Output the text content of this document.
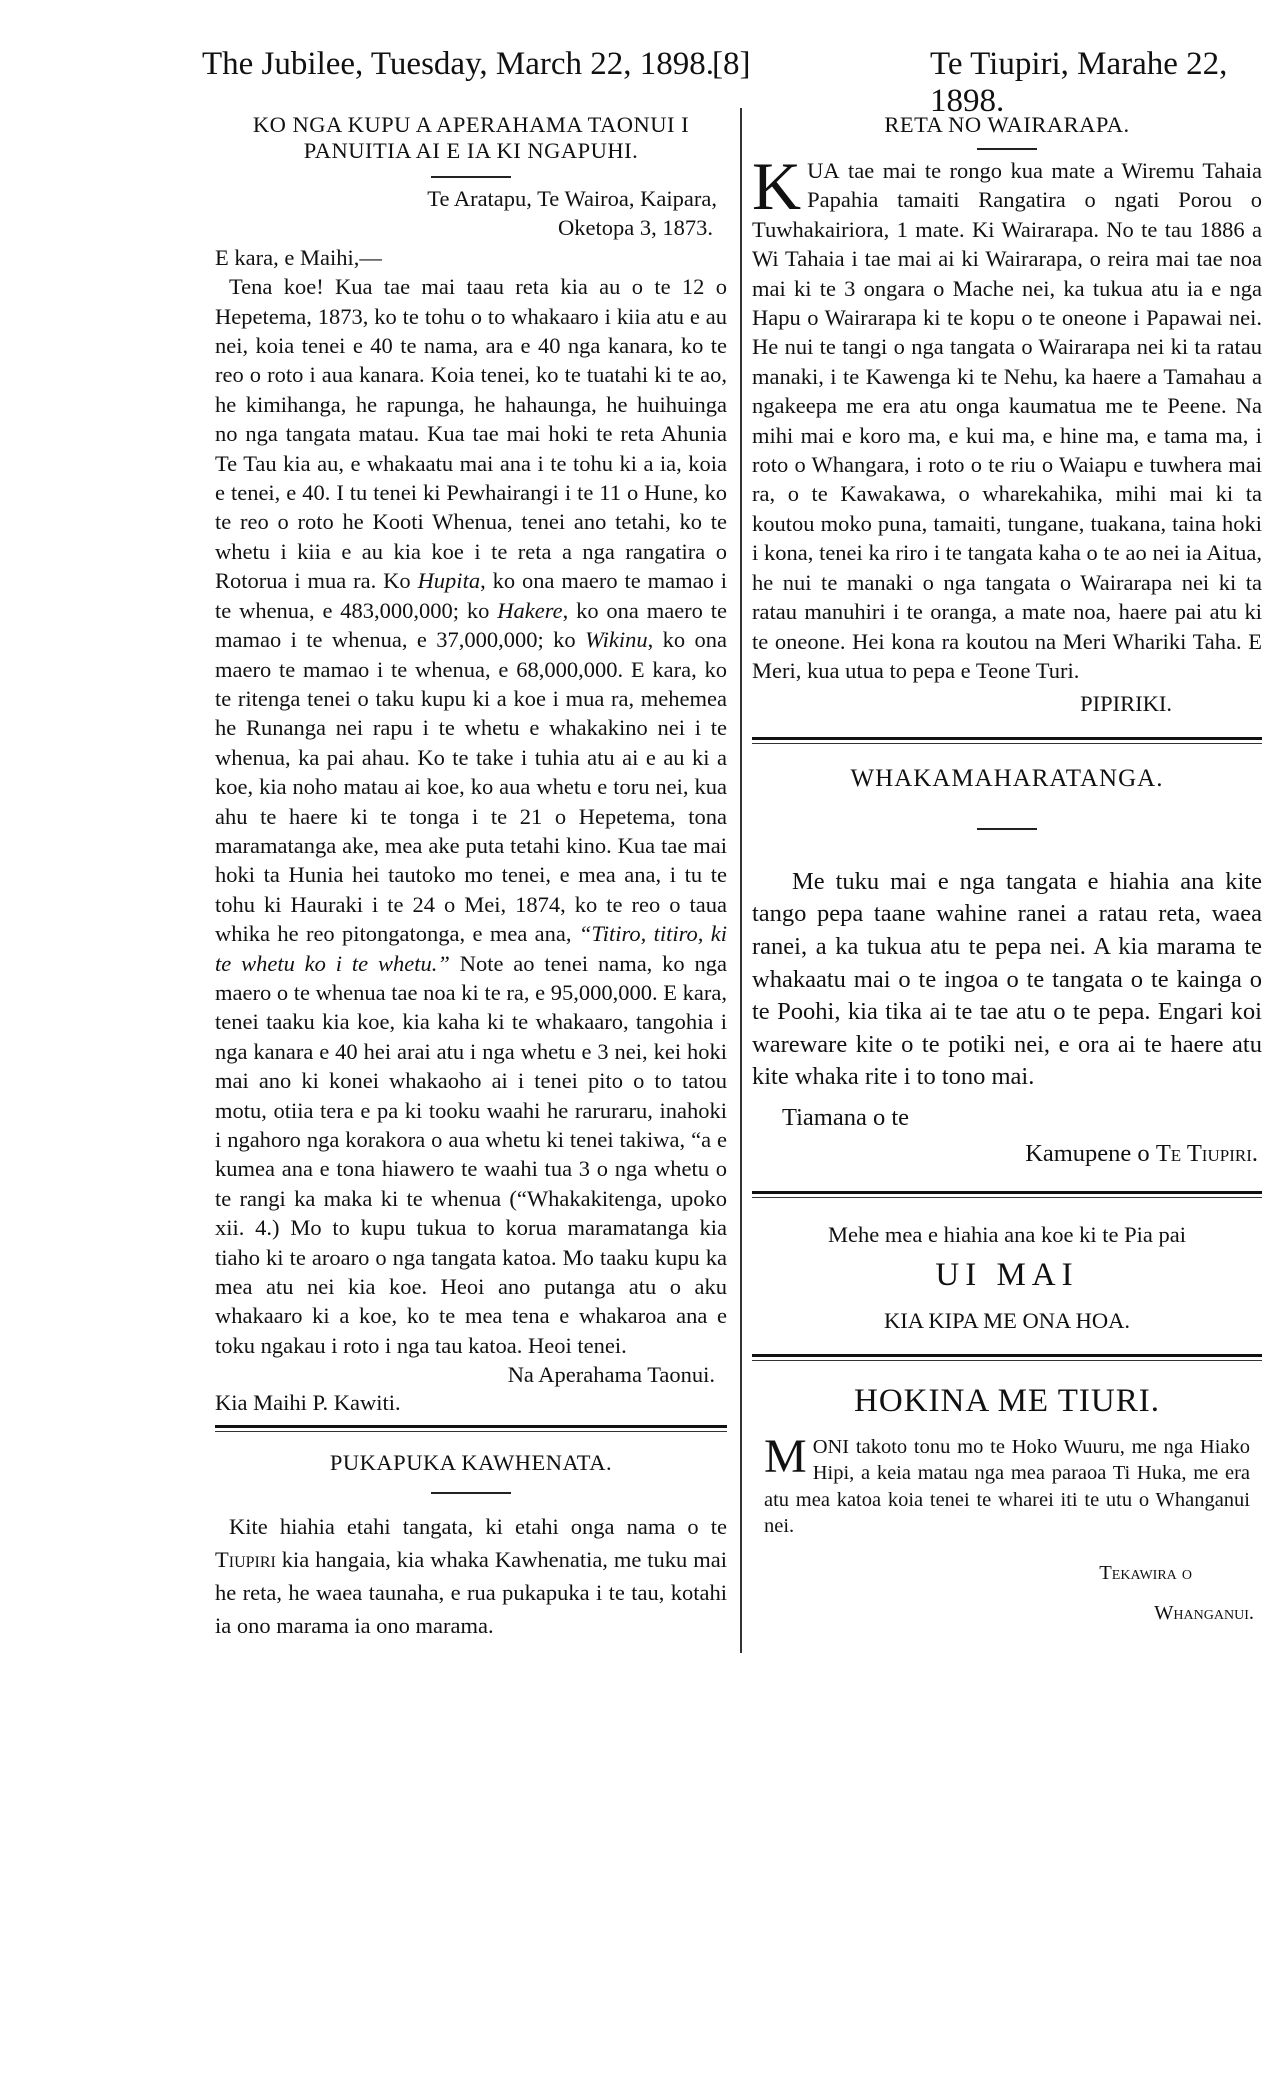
The Jubilee, Tuesday, March 22, 1898.
[8]	Te Tiupiri, Marahe 22, 1898.

KO NGA KUPU A APERAHAMA TAONUI I

PANUITIA AI E IA KI NGAPUHI.

Te Aratapu, Te Wairoa, Kaipara,

Oketopa 3, 1873.

E kara, e Maihi,—

Tena koe! Kua tae mai taau reta kia au o te 12 o Hepetema, 1873, ko te tohu o to whakaaro i kiia atu e au nei, koia tenei e 40 te nama, ara e 40 nga kanara, ko te reo o roto i aua kanara. Koia tenei, ko te tuatahi ki te ao, he kimihanga, he rapunga, he hahaunga, he huihuinga no nga tangata matau. Kua tae mai hoki te reta Ahunia Te Tau kia au, e whakaatu mai ana i te tohu ki a ia, koia e tenei, e 40. I tu tenei ki Pewhairangi i te 11 o Hune, ko te reo o roto he Kooti Whenua, tenei ano tetahi, ko te whetu i kiia e au kia koe i te reta a nga rangatira o Rotorua i mua ra. Ko Hupita, ko ona maero te mamao i te whenua, e 483,000,000; ko Hakere, ko ona maero te mamao i te whenua, e 37,000,000; ko Wikinu, ko ona maero te mamao i te whenua, e 68,000,000. E kara, ko te ritenga tenei o taku kupu ki a koe i mua ra, mehemea he Runanga nei rapu i te whetu e whakakino nei i te whenua, ka pai ahau. Ko te take i tuhia atu ai e au ki a koe, kia noho matau ai koe, ko aua whetu e toru nei, kua ahu te haere ki te tonga i te 21 o Hepetema, tona maramatanga ake, mea ake puta tetahi kino. Kua tae mai hoki ta Hunia hei tautoko mo tenei, e mea ana, i tu te tohu ki Hauraki i te 24 o Mei, 1874, ko te reo o taua whika he reo pitongatonga, e mea ana, “Titiro, titiro, ki te whetu ko i te whetu.” Note ao tenei nama, ko nga maero o te whenua tae noa ki te ra, e 95,000,000. E kara, tenei taaku kia koe, kia kaha ki te whakaaro, tangohia i nga kanara e 40 hei arai atu i nga whetu e 3 nei, kei hoki mai ano ki konei whakaoho ai i tenei pito o to tatou motu, otiia tera e pa ki tooku waahi he raruraru, inahoki i ngahoro nga korakora o aua whetu ki tenei takiwa, “a e kumea ana e tona hiawero te waahi tua 3 o nga whetu o te rangi ka maka ki te whenua (“Whakakitenga, upoko xii. 4.) Mo to kupu tukua to korua maramatanga kia tiaho ki te aroaro o nga tangata katoa. Mo taaku kupu ka mea atu nei kia koe. Heoi ano putanga atu o aku whakaaro ki a koe, ko te mea tena e whakaroa ana e toku ngakau i roto i nga tau katoa. Heoi tenei.

Na Aperahama Taonui.

Kia Maihi P. Kawiti.

PUKAPUKA KAWHENATA.

Kite hiahia etahi tangata, ki etahi onga nama o te Tiupiri kia hangaia, kia whaka Kawhenatia, me tuku mai he reta, he waea taunaha, e rua pukapuka i te tau, kotahi ia ono marama ia ono marama.

RETA NO WAIRARAPA.

KUA tae mai te rongo kua mate a Wiremu Tahaia Papahia tamaiti Rangatira o ngati Porou o Tuwhakairiora, 1 mate. Ki Wairarapa. No te tau 1886 a Wi Tahaia i tae mai ai ki Wairarapa, o reira mai tae noa mai ki te 3 ongara o Mache nei, ka tukua atu ia e nga Hapu o Wairarapa ki te kopu o te oneone i Papawai nei. He nui te tangi o nga tangata o Wairarapa nei ki ta ratau manaki, i te Kawenga ki te Nehu, ka haere a Tamahau a ngakeepa me era atu onga kaumatua me te Peene. Na mihi mai e koro ma, e kui ma, e hine ma, e tama ma, i roto o Whangara, i roto o te riu o Waiapu e tuwhera mai ra, o te Kawakawa, o wharekahika, mihi mai ki ta koutou moko puna, tamaiti, tungane, tuakana, taina hoki i kona, tenei ka riro i te tangata kaha o te ao nei ia Aitua, he nui te manaki o nga tangata o Wairarapa nei ki ta ratau manuhiri i te oranga, a mate noa, haere pai atu ki te oneone. Hei kona ra koutou na Meri Whariki Taha. E Meri, kua utua to pepa e Teone Turi.

PIPIRIKI.

WHAKAMAHARATANGA.

Me tuku mai e nga tangata e hiahia ana kite tango pepa taane wahine ranei a ratau reta, waea ranei, a ka tukua atu te pepa nei. A kia marama te whakaatu mai o te ingoa o te tangata o te kainga o te Poohi, kia tika ai te tae atu o te pepa. Engari koi wareware kite o te potiki nei, e ora ai te haere atu kite whaka rite i to tono mai.

Tiamana o te

Kamupene o Te Tiupiri.

Mehe mea e hiahia ana koe ki te Pia pai

UI MAI

KIA KIPA ME ONA HOA.

HOKINA ME TIURI.

MONI takoto tonu mo te Hoko Wuuru, me nga Hiako Hipi, a keia matau nga mea paraoa Ti Huka, me era atu mea katoa koia tenei te wharei iti te utu o Whanganui nei.

Tekawira o

Whanganui.
